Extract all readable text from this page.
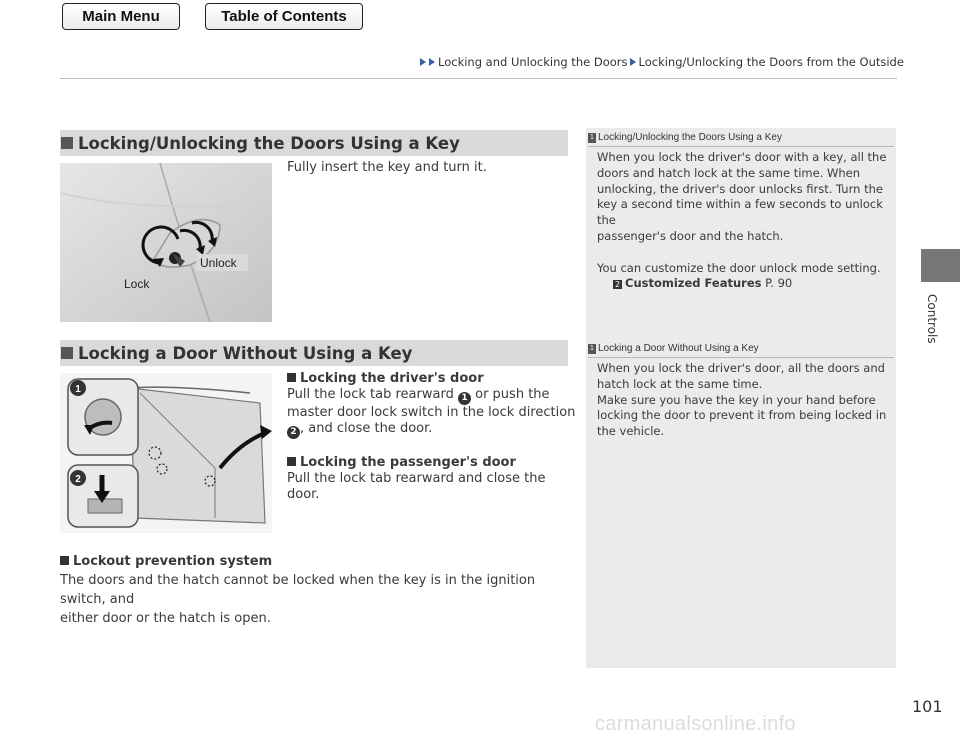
Main Menu	Table of Contents
Locking and Unlocking the Doors Locking/Unlocking the Doors from the Outside
Controls
Locking/Unlocking the Doors Using a Key
Unlock
Lock
Fully insert the key and turn it.
Locking a Door Without Using a Key
1
2
Locking the driver's door
Pull the lock tab rearward 1 or push the
master door lock switch in the lock direction
2 , and close the door.
Locking the passenger's door
Pull the lock tab rearward and close the door.
Lockout prevention system
The doors and the hatch cannot be locked when the key is in the ignition switch, and
either door or the hatch is open.
1 Locking/Unlocking the Doors Using a Key
When you lock the driver's door with a key, all the
doors and hatch lock at the same time. When
unlocking, the driver's door unlocks first. Turn the
key a second time within a few seconds to unlock the
passenger's door and the hatch.
You can customize the door unlock mode setting.
2 Customized Features P. 90
1 Locking a Door Without Using a Key
When you lock the driver's door, all the doors and
hatch lock at the same time.
Make sure you have the key in your hand before
locking the door to prevent it from being locked in
the vehicle.
101
carmanualsonline.info
